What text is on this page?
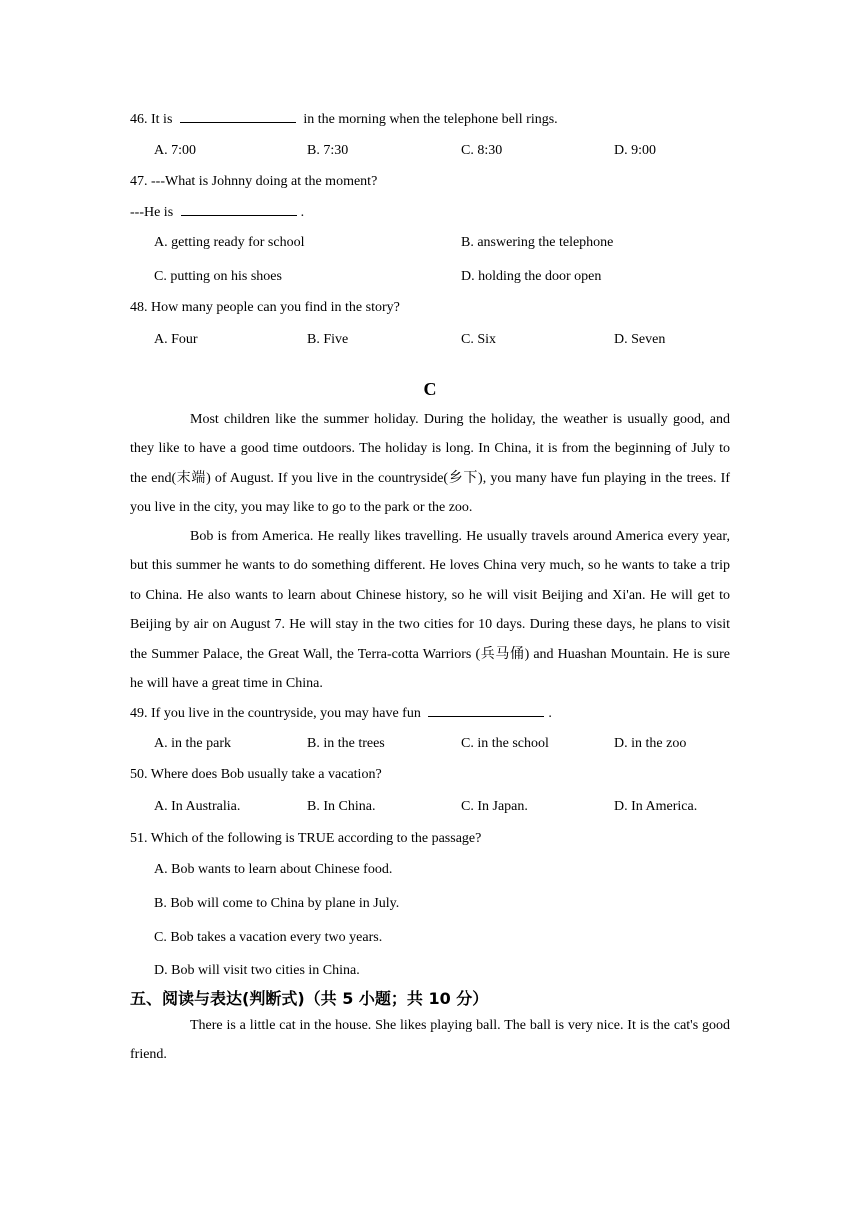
46. It is	in the morning when the telephone bell rings.
A. 7:00	B. 7:30	C. 8:30	D. 9:00
47. ---What is Johnny doing at the moment?
---He is	.
A. getting ready for school	B. answering the telephone
C. putting on his shoes	D. holding the door open
48. How many people can you find in the story?
A. Four	B. Five	C. Six	D. Seven
C
Most children like the summer holiday. During the holiday, the weather is usually good, and they like to have a good time outdoors. The holiday is long. In China, it is from the beginning of July to the end(末端) of August. If you live in the countryside(乡下), you many have fun playing in the trees. If you live in the city, you may like to go to the park or the zoo.
Bob is from America. He really likes travelling. He usually travels around America every year, but this summer he wants to do something different. He loves China very much, so he wants to take a trip to China. He also wants to learn about Chinese history, so he will visit Beijing and Xi'an. He will get to Beijing by air on August 7. He will stay in the two cities for 10 days. During these days, he plans to visit the Summer Palace, the Great Wall, the Terra-cotta Warriors (兵马俑) and Huashan Mountain. He is sure he will have a great time in China.
49. If you live in the countryside, you may have fun	.
A. in the park	B. in the trees	C. in the school	D. in the zoo
50. Where does Bob usually take a vacation?
A. In Australia.	B. In China.	C. In Japan.	D. In America.
51. Which of the following is TRUE according to the passage?
A. Bob wants to learn about Chinese food.
B. Bob will come to China by plane in July.
C. Bob takes a vacation every two years.
D. Bob will visit two cities in China.
五、阅读与表达(判断式)（共 5 小题；共 10 分）
There is a little cat in the house. She likes playing ball. The ball is very nice. It is the cat's good friend.
